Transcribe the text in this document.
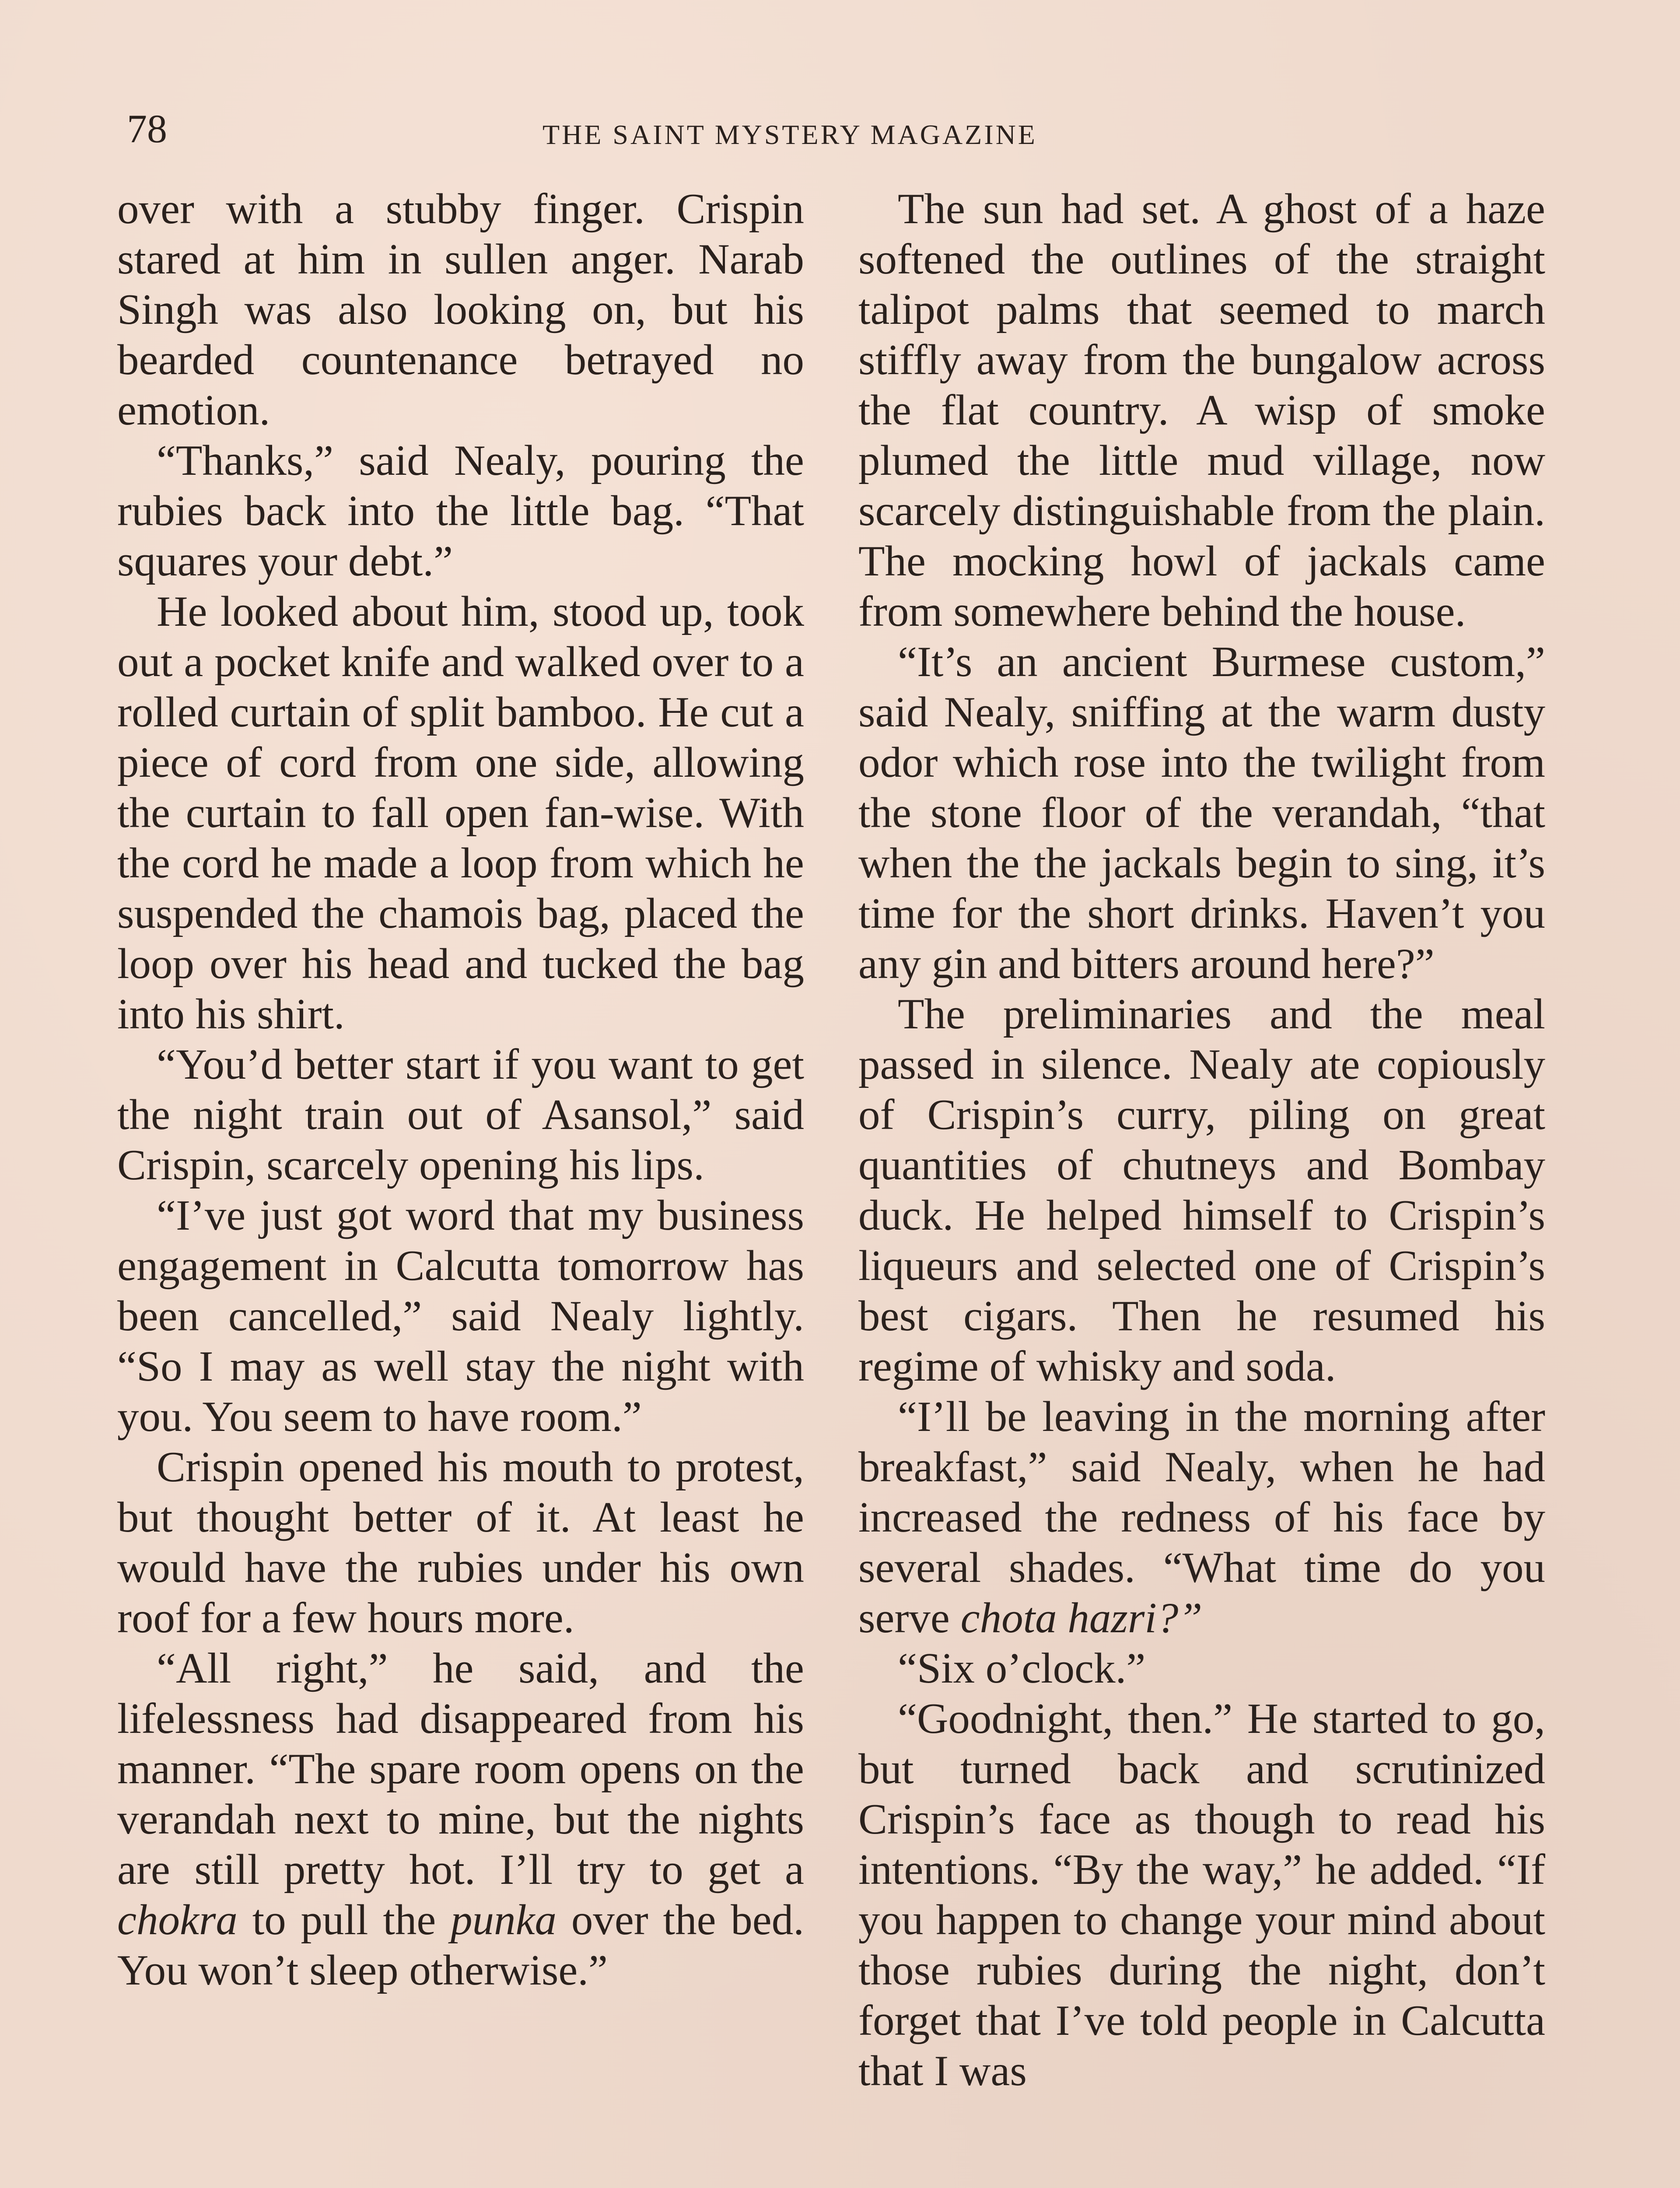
78	THE SAINT MYSTERY MAGAZINE

over with a stubby finger. Crispin stared at him in sullen anger. Narab Singh was also looking on, but his bearded countenance betrayed no emotion.

“Thanks,” said Nealy, pouring the rubies back into the little bag. “That squares your debt.”

He looked about him, stood up, took out a pocket knife and walked over to a rolled curtain of split bamboo. He cut a piece of cord from one side, allowing the curtain to fall open fan-wise. With the cord he made a loop from which he suspended the chamois bag, placed the loop over his head and tucked the bag into his shirt.

“You’d better start if you want to get the night train out of Asansol,” said Crispin, scarcely opening his lips.

“I’ve just got word that my business engagement in Calcutta tomorrow has been cancelled,” said Nealy lightly. “So I may as well stay the night with you. You seem to have room.”

Crispin opened his mouth to protest, but thought better of it. At least he would have the rubies under his own roof for a few hours more.

“All right,” he said, and the lifelessness had disappeared from his manner. “The spare room opens on the verandah next to mine, but the nights are still pretty hot. I’ll try to get a chokra to pull the punka over the bed. You won’t sleep otherwise.”

The sun had set. A ghost of a haze softened the outlines of the straight talipot palms that seemed to march stiffly away from the bungalow across the flat country. A wisp of smoke plumed the little mud village, now scarcely distinguishable from the plain. The mocking howl of jackals came from somewhere behind the house.

“It’s an ancient Burmese custom,” said Nealy, sniffing at the warm dusty odor which rose into the twilight from the stone floor of the verandah, “that when the the jackals begin to sing, it’s time for the short drinks. Haven’t you any gin and bitters around here?”

The preliminaries and the meal passed in silence. Nealy ate copiously of Crispin’s curry, piling on great quantities of chutneys and Bombay duck. He helped himself to Crispin’s liqueurs and selected one of Crispin’s best cigars. Then he resumed his regime of whisky and soda.

“I’ll be leaving in the morning after breakfast,” said Nealy, when he had increased the redness of his face by several shades. “What time do you serve chota hazri?”

“Six o’clock.”

“Goodnight, then.” He started to go, but turned back and scrutinized Crispin’s face as though to read his intentions. “By the way,” he added. “If you happen to change your mind about those rubies during the night, don’t forget that I’ve told people in Calcutta that I was
